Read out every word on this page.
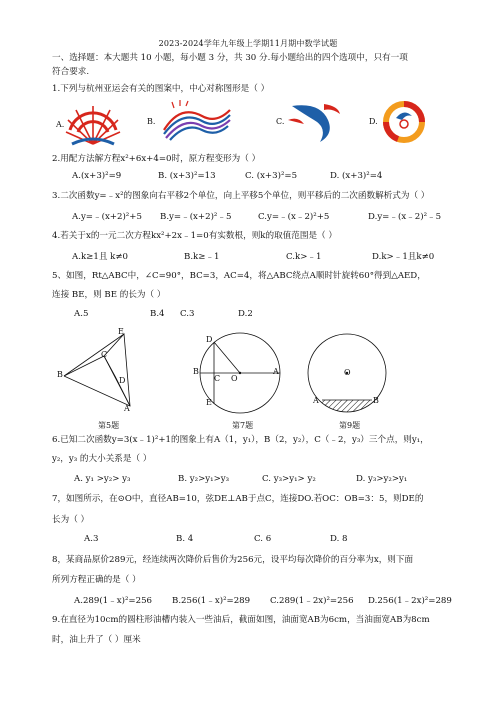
2023-2024学年九年级上学期11月期中数学试题
一、选择题：本大题共 10 小题，每小题 3 分，共 30 分.每小题给出的四个选项中，只有一项
符合要求.
1.下列与杭州亚运会有关的图案中，中心对称图形是（ ）
A.	B.	C.	D.
2.用配方法解方程x²+6x+4=0时，原方程变形为（ ）
A.(x+3)²=9	B. (x+3)²=13	C. (x+3)²=5	D. (x+3)²=4
3.二次函数y=﹣x²的图象向右平移2个单位，向上平移5个单位，则平移后的二次函数解析式为（ ）
A.y=﹣(x+2)²+5 B.y=﹣(x+2)²﹣5	C.y=﹣(x﹣2)²+5	D.y=﹣(x﹣2)²﹣5
4.若关于x的一元二次方程kx²+2x﹣1=0有实数根，则k的取值范围是（ ）
A.k≥1且 k≠0	B.k≥﹣1	C.k>﹣1	D.k>﹣1且k≠0
5、如图，Rt△ABC中，∠C=90°，BC=3，AC=4，将△ABC绕点A顺时针旋转60°得到△AED，
连接 BE，则 BE 的长为（ ）
A.5	B.4 C.3	D.2
E
C
B
D
A
第5题
D
B
C O
A
E
第7题
O
A	B
第9题
6.已知二次函数y=3(x﹣1)²+1的图象上有A（1，y₁），B（2，y₂），C（﹣2，y₃）三个点，则y₁，
y₂，y₃ 的大小关系是（ ）
A. y₁ >y₂> y₃	B. y₂>y₁>y₃	C. y₃>y₁> y₂	D. y₃>y₂>y₁
7，如图所示，在⊙O中，直径AB=10，弦DE⊥AB于点C，连接DO.若OC：OB=3：5，则DE的
长为（ ）
A.3	B. 4	C. 6	D. 8
8，某商品原价289元，经连续两次降价后售价为256元，设平均每次降价的百分率为x，则下面
所列方程正确的是（ ）
A.289(1﹣x)²=256 B.256(1﹣x)²=289 C.289(1﹣2x)²=256 D.256(1﹣2x)²=289
9.在直径为10cm的圆柱形油槽内装入一些油后，截面如图，油面宽AB为6cm，当油面宽AB为8cm
时，油上升了（ ）厘米
